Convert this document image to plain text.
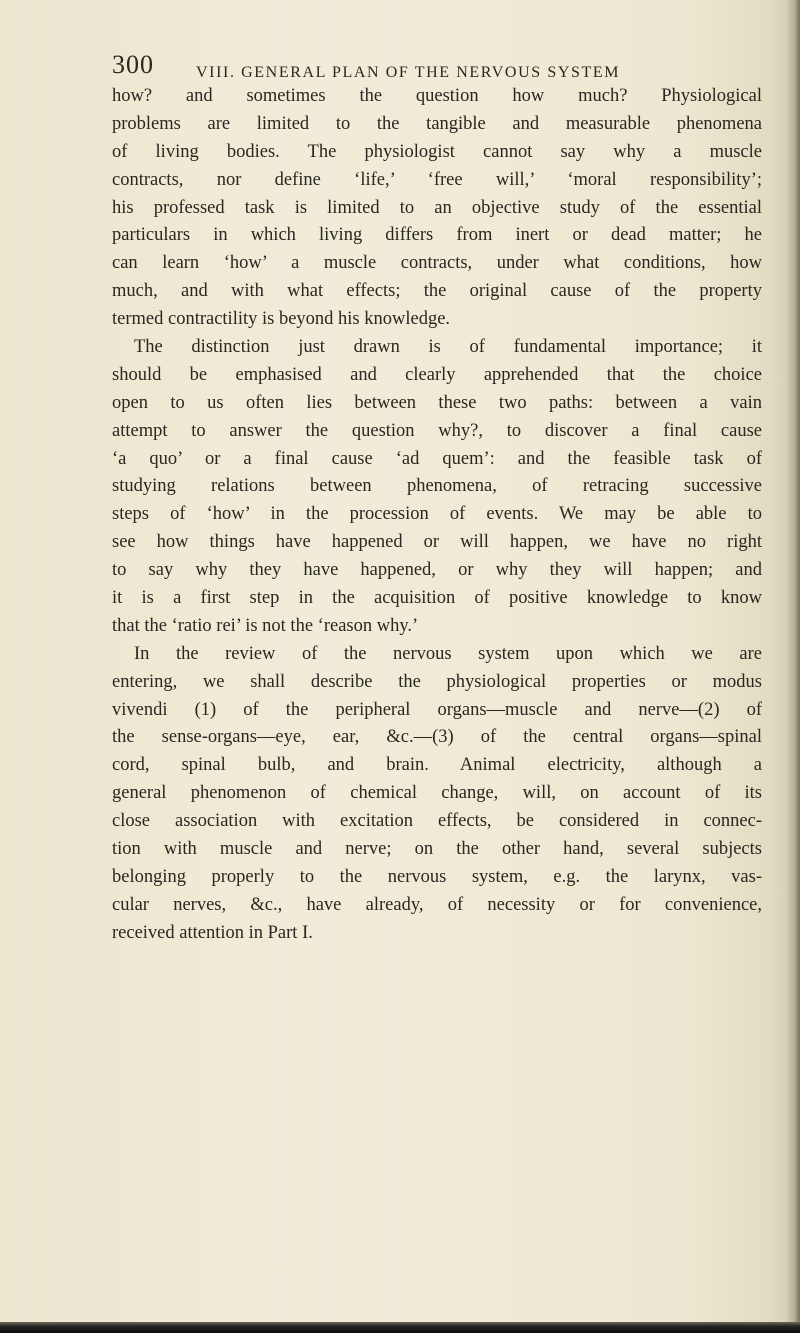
300	VIII. GENERAL PLAN OF THE NERVOUS SYSTEM
how? and sometimes the question how much? Physiological
problems are limited to the tangible and measurable phenomena
of living bodies. The physiologist cannot say why a muscle
contracts, nor define ‘life,’ ‘free will,’ ‘moral responsibility’;
his professed task is limited to an objective study of the essential
particulars in which living differs from inert or dead matter; he
can learn ‘how’ a muscle contracts, under what conditions, how
much, and with what effects; the original cause of the property
termed contractility is beyond his knowledge.
The distinction just drawn is of fundamental importance; it
should be emphasised and clearly apprehended that the choice
open to us often lies between these two paths: between a vain
attempt to answer the question why?, to discover a final cause
‘a quo’ or a final cause ‘ad quem’: and the feasible task of
studying relations between phenomena, of retracing successive
steps of ‘how’ in the procession of events. We may be able to
see how things have happened or will happen, we have no right
to say why they have happened, or why they will happen; and
it is a first step in the acquisition of positive knowledge to know
that the ‘ratio rei’ is not the ‘reason why.’
In the review of the nervous system upon which we are
entering, we shall describe the physiological properties or modus
vivendi (1) of the peripheral organs—muscle and nerve—(2) of
the sense-organs—eye, ear, &c.—(3) of the central organs—spinal
cord, spinal bulb, and brain. Animal electricity, although a
general phenomenon of chemical change, will, on account of its
close association with excitation effects, be considered in connec-
tion with muscle and nerve; on the other hand, several subjects
belonging properly to the nervous system, e.g. the larynx, vas-
cular nerves, &c., have already, of necessity or for convenience,
received attention in Part I.
